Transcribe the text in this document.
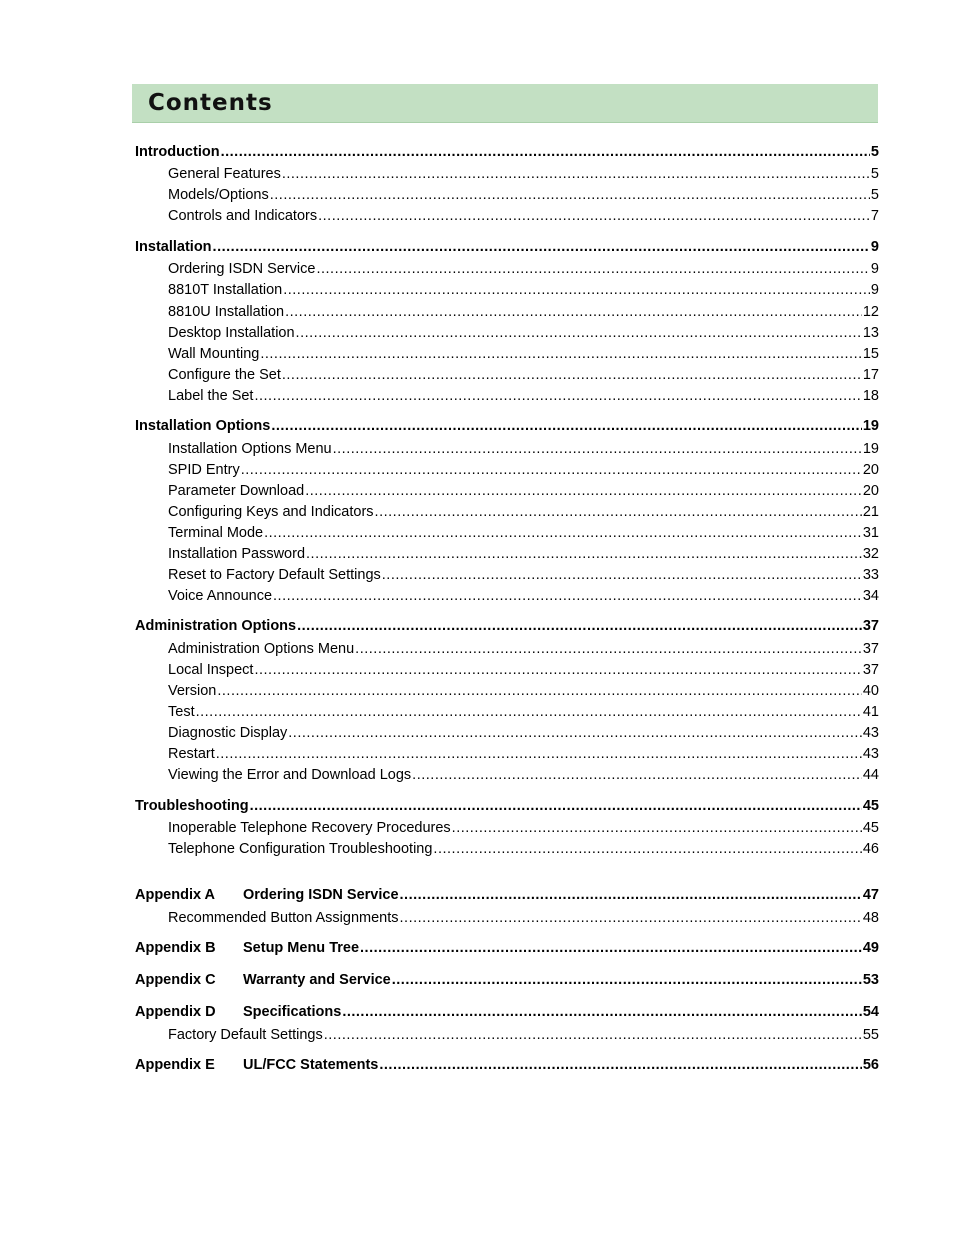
Contents
Introduction .....	5
General Features .....	5
Models/Options .....	5
Controls and Indicators .....	7
Installation .....	9
Ordering ISDN Service .....	9
8810T Installation .....	9
8810U Installation .....	12
Desktop Installation .....	13
Wall Mounting .....	15
Configure the Set .....	17
Label the Set .....	18
Installation Options .....	19
Installation Options Menu .....	19
SPID Entry .....	20
Parameter Download .....	20
Configuring Keys and Indicators .....	21
Terminal Mode .....	31
Installation Password .....	32
Reset to Factory Default Settings .....	33
Voice Announce .....	34
Administration Options .....	37
Administration Options Menu .....	37
Local Inspect .....	37
Version .....	40
Test .....	41
Diagnostic Display .....	43
Restart .....	43
Viewing the Error and Download Logs .....	44
Troubleshooting .....	45
Inoperable Telephone Recovery Procedures .....	45
Telephone Configuration Troubleshooting .....	46
Appendix A	Ordering ISDN Service .....	47
Recommended Button Assignments .....	48
Appendix B	Setup Menu Tree .....	49
Appendix C	Warranty and Service .....	53
Appendix D	Specifications .....	54
Factory Default Settings .....	55
Appendix E	UL/FCC Statements .....	56
